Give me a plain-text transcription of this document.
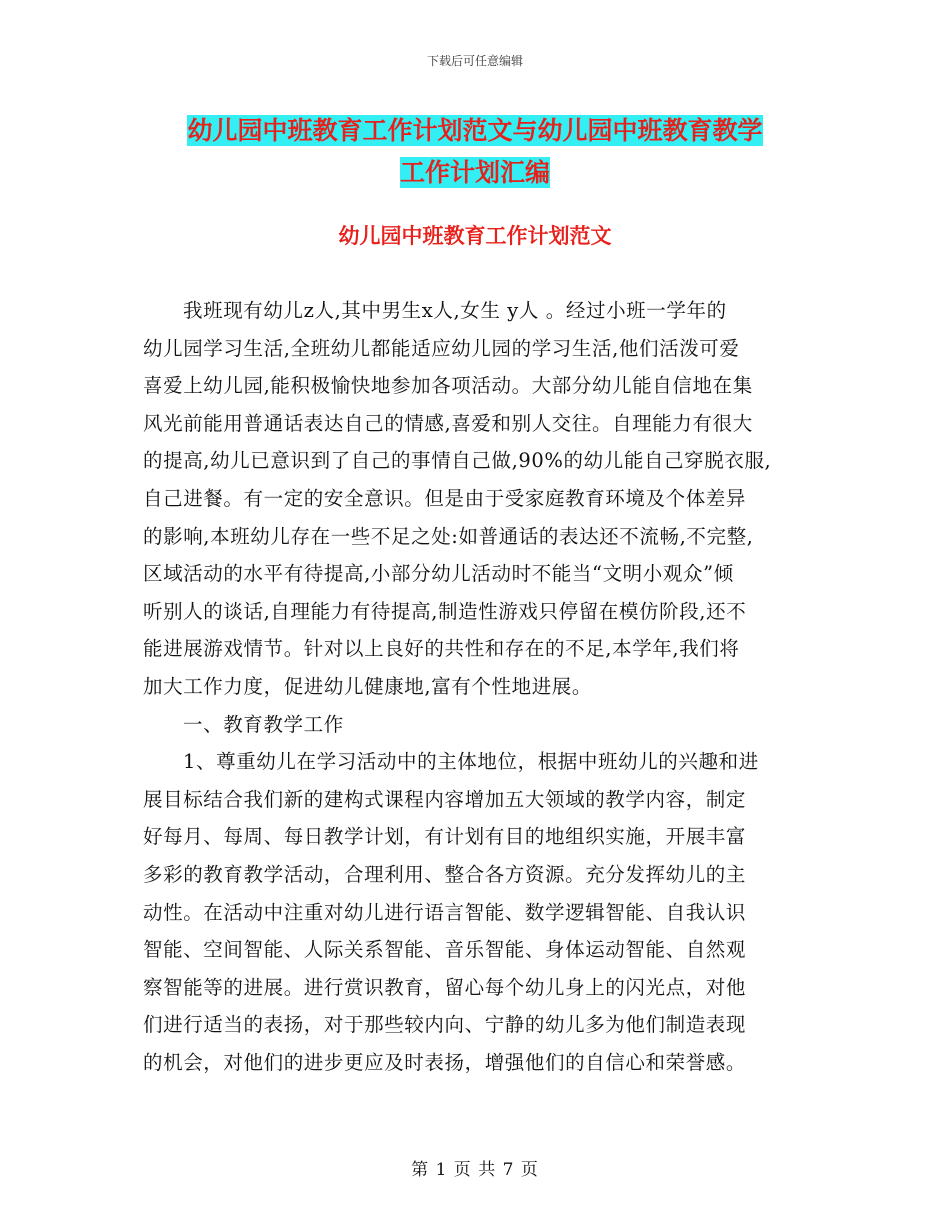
下载后可任意编辑
幼儿园中班教育工作计划范文与幼儿园中班教育教学
工作计划汇编
幼儿园中班教育工作计划范文
我班现有幼儿z人,其中男生x人,女生 y人 。经过小班一学年的
幼儿园学习生活,全班幼儿都能适应幼儿园的学习生活,他们活泼可爱
喜爱上幼儿园,能积极愉快地参加各项活动。大部分幼儿能自信地在集
风光前能用普通话表达自己的情感,喜爱和别人交往。自理能力有很大
的提高,幼儿已意识到了自己的事情自己做,90%的幼儿能自己穿脱衣服,
自己进餐。有一定的安全意识。但是由于受家庭教育环境及个体差异
的影响,本班幼儿存在一些不足之处:如普通话的表达还不流畅,不完整,
区域活动的水平有待提高,小部分幼儿活动时不能当“文明小观众”倾
听别人的谈话,自理能力有待提高,制造性游戏只停留在模仿阶段,还不
能进展游戏情节。针对以上良好的共性和存在的不足,本学年,我们将
加大工作力度，促进幼儿健康地,富有个性地进展。
一、教育教学工作
1、尊重幼儿在学习活动中的主体地位，根据中班幼儿的兴趣和进
展目标结合我们新的建构式课程内容增加五大领域的教学内容，制定
好每月、每周、每日教学计划，有计划有目的地组织实施，开展丰富
多彩的教育教学活动，合理利用、整合各方资源。充分发挥幼儿的主
动性。在活动中注重对幼儿进行语言智能、数学逻辑智能、自我认识
智能、空间智能、人际关系智能、音乐智能、身体运动智能、自然观
察智能等的进展。进行赏识教育，留心每个幼儿身上的闪光点，对他
们进行适当的表扬，对于那些较内向、宁静的幼儿多为他们制造表现
的机会，对他们的进步更应及时表扬，增强他们的自信心和荣誉感。
第 1 页 共 7 页
